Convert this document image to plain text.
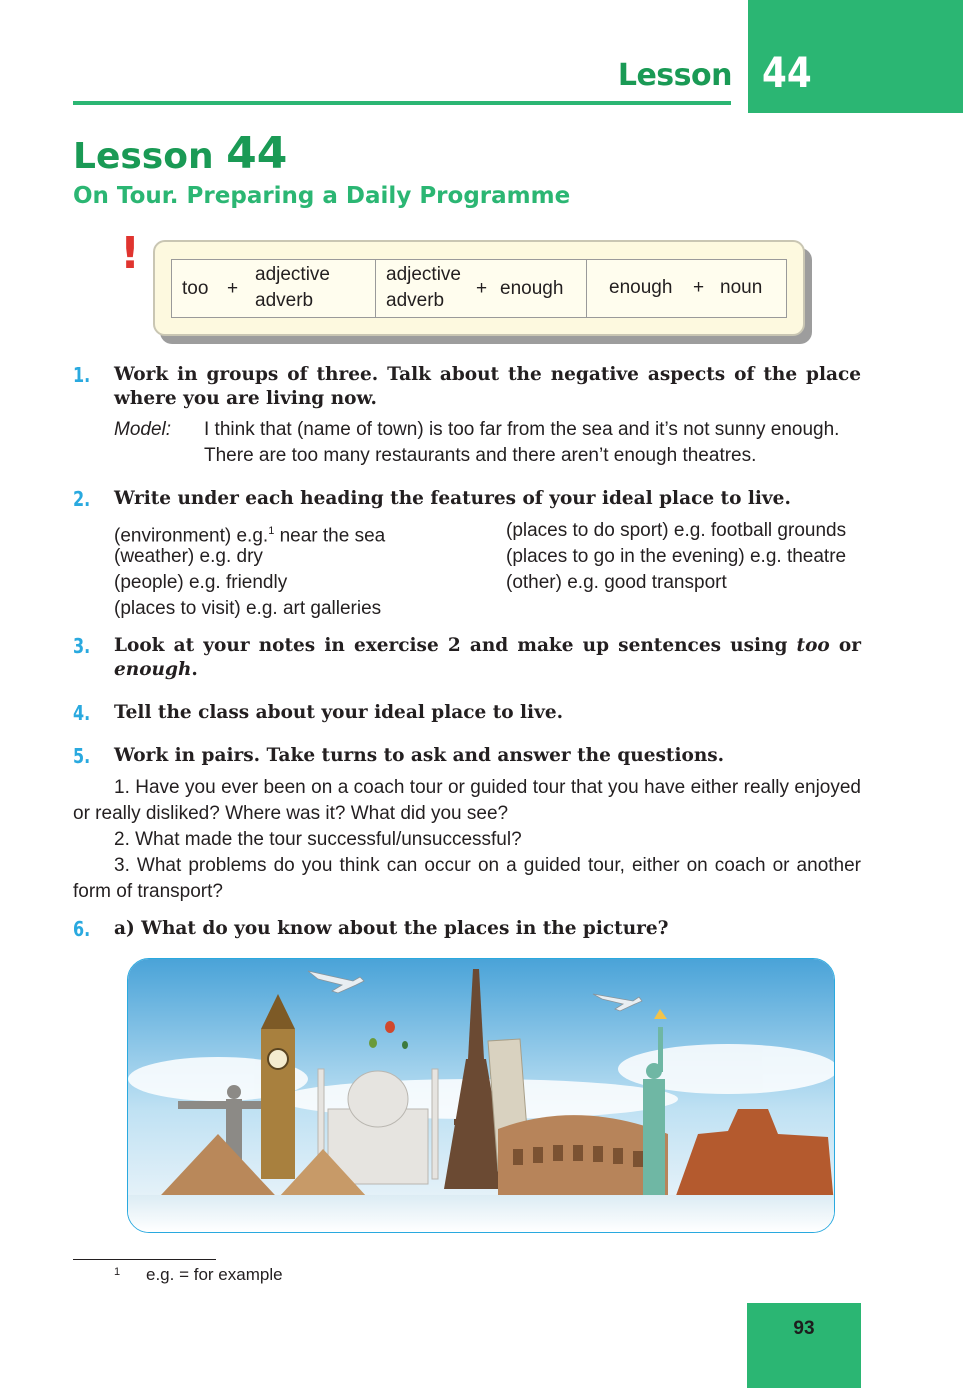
Lesson 44
Lesson 44
On Tour. Preparing a Daily Programme
!
too +
adjective
adverb
adjective
adverb
+ enough enough + noun
1. Work in groups of three. Talk about the negative aspects of the place where you are living now.
Model: I think that (name of town) is too far from the sea and it’s not sunny enough.
There are too many restaurants and there aren’t enough theatres.
2. Write under each heading the features of your ideal place to live.
(environment) e.g.$^1$ near the sea
(weather) e.g. dry
(people) e.g. friendly
(places to visit) e.g. art galleries
(places to do sport) e.g. football grounds
(places to go in the evening) e.g. theatre
(other) e.g. good transport
3. Look at your notes in exercise 2 and make up sentences using too or enough.
4. Tell the class about your ideal place to live.
5. Work in pairs. Take turns to ask and answer the questions.
1. Have you ever been on a coach tour or guided tour that you have either really enjoyed or really disliked? Where was it? What did you see?
2. What made the tour successful/unsuccessful?
3. What problems do you think can occur on a guided tour, either on coach or another form of transport?
6. a) What do you know about the places in the picture?
1 e.g. = for example
93
